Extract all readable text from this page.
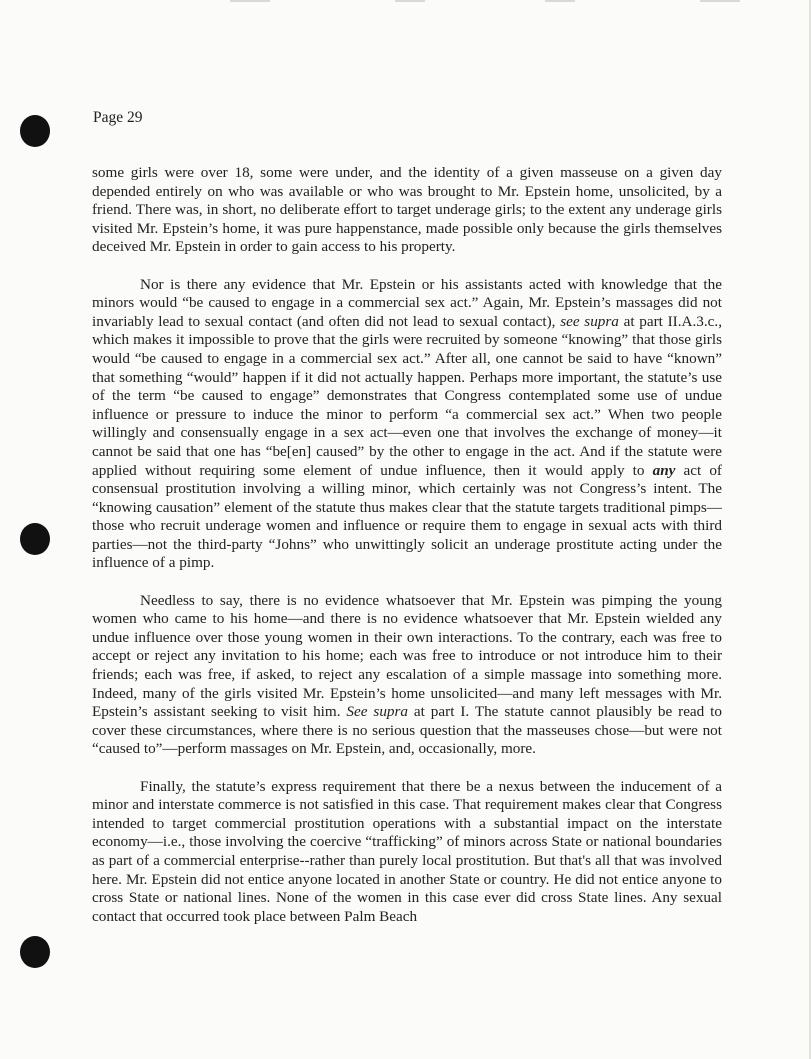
Page 29

some girls were over 18, some were under, and the identity of a given masseuse on a given day depended entirely on who was available or who was brought to Mr. Epstein home, unsolicited, by a friend. There was, in short, no deliberate effort to target underage girls; to the extent any underage girls visited Mr. Epstein’s home, it was pure happenstance, made possible only because the girls themselves deceived Mr. Epstein in order to gain access to his property.

Nor is there any evidence that Mr. Epstein or his assistants acted with knowledge that the minors would “be caused to engage in a commercial sex act.” Again, Mr. Epstein’s massages did not invariably lead to sexual contact (and often did not lead to sexual contact), see supra at part II.A.3.c., which makes it impossible to prove that the girls were recruited by someone “knowing” that those girls would “be caused to engage in a commercial sex act.” After all, one cannot be said to have “known” that something “would” happen if it did not actually happen. Perhaps more important, the statute’s use of the term “be caused to engage” demonstrates that Congress contemplated some use of undue influence or pressure to induce the minor to perform “a commercial sex act.” When two people willingly and consensually engage in a sex act—even one that involves the exchange of money—it cannot be said that one has “be[en] caused” by the other to engage in the act. And if the statute were applied without requiring some element of undue influence, then it would apply to any act of consensual prostitution involving a willing minor, which certainly was not Congress’s intent. The “knowing causation” element of the statute thus makes clear that the statute targets traditional pimps—those who recruit underage women and influence or require them to engage in sexual acts with third parties—not the third-party “Johns” who unwittingly solicit an underage prostitute acting under the influence of a pimp.

Needless to say, there is no evidence whatsoever that Mr. Epstein was pimping the young women who came to his home—and there is no evidence whatsoever that Mr. Epstein wielded any undue influence over those young women in their own interactions. To the contrary, each was free to accept or reject any invitation to his home; each was free to introduce or not introduce him to their friends; each was free, if asked, to reject any escalation of a simple massage into something more. Indeed, many of the girls visited Mr. Epstein’s home unsolicited—and many left messages with Mr. Epstein’s assistant seeking to visit him. See supra at part I. The statute cannot plausibly be read to cover these circumstances, where there is no serious question that the masseuses chose—but were not “caused to”—perform massages on Mr. Epstein, and, occasionally, more.

Finally, the statute’s express requirement that there be a nexus between the inducement of a minor and interstate commerce is not satisfied in this case. That requirement makes clear that Congress intended to target commercial prostitution operations with a substantial impact on the interstate economy—i.e., those involving the coercive “trafficking” of minors across State or national boundaries as part of a commercial enterprise--rather than purely local prostitution. But that's all that was involved here. Mr. Epstein did not entice anyone located in another State or country. He did not entice anyone to cross State or national lines. None of the women in this case ever did cross State lines. Any sexual contact that occurred took place between Palm Beach
